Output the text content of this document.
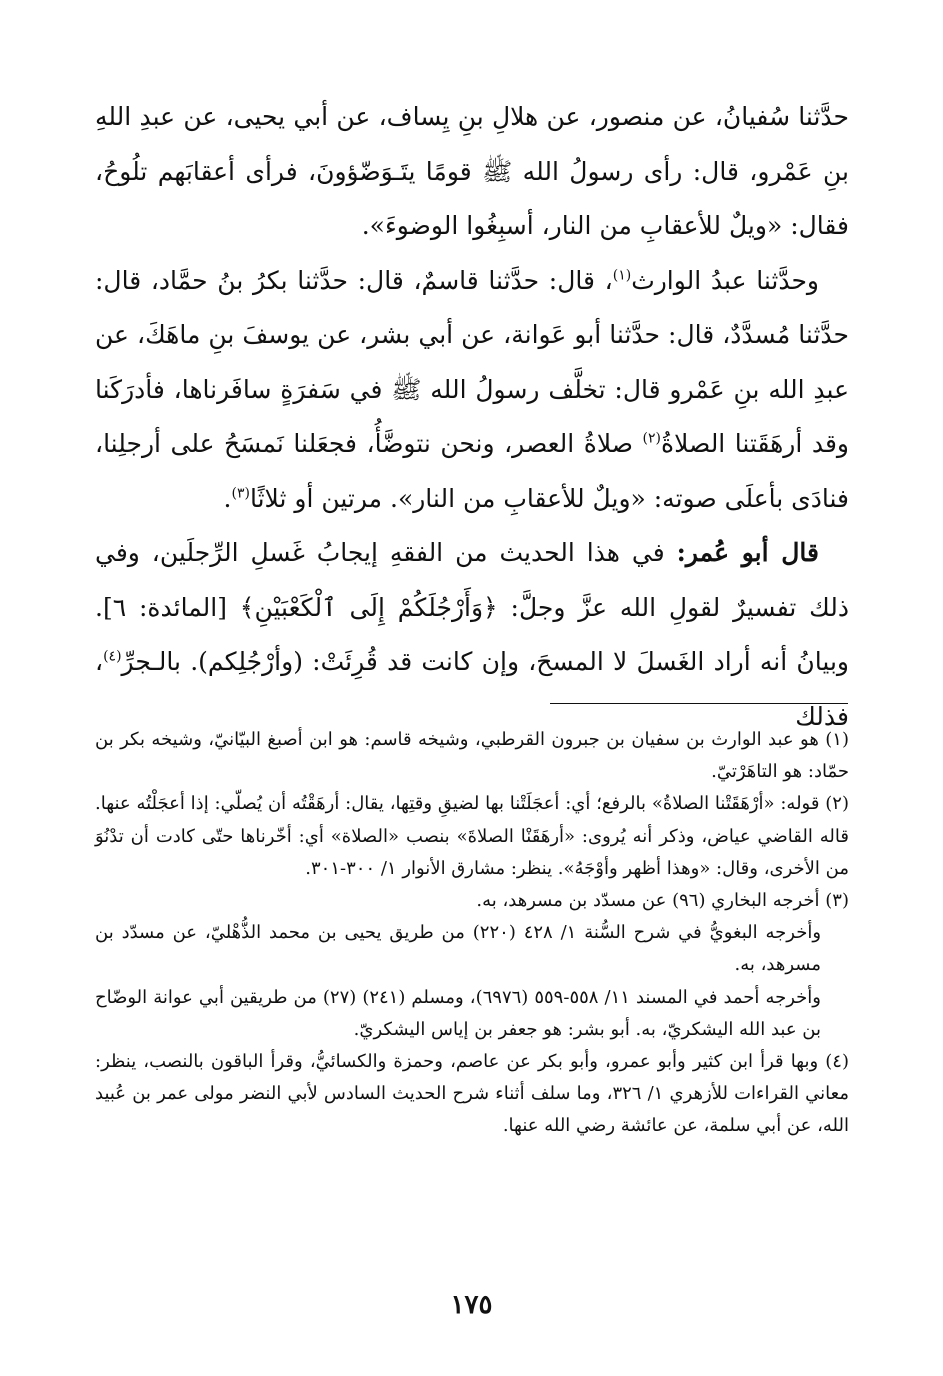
حدَّثنا سُفيانُ، عن منصور، عن هلالِ بنِ يِساف، عن أبي يحيى، عن عبدِ اللهِ بنِ عَمْرو، قال: رأى رسولُ الله ﷺ قومًا يتَـوَضّؤونَ، فرأى أعقابَهم تلُوحُ، فقال: «ويلٌ للأعقابِ من النار، أسبِغُوا الوضوءَ».

وحدَّثنا عبدُ الوارث$^{(١)}$، قال: حدَّثنا قاسمٌ، قال: حدَّثنا بكرُ بنُ حمَّاد، قال: حدَّثنا مُسدَّدٌ، قال: حدَّثنا أبو عَوانة، عن أبي بشر، عن يوسفَ بنِ ماهَكَ، عن عبدِ الله بنِ عَمْرو قال: تخلَّف رسولُ الله ﷺ في سَفرَةٍ سافَرناها، فأدرَكَنا وقد أرهَقَتنا الصلاةُ$^{(٢)}$ صلاةُ العصر، ونحن نتوضَّأُ، فجعَلنا نَمسَحُ على أرجلِنا، فنادَى بأعلَى صوته: «ويلٌ للأعقابِ من النار». مرتين أو ثلاثًا$^{(٣)}$.

قال أبو عُمر: في هذا الحديث من الفقهِ إيجابُ غَسلِ الرِّجلَين، وفي ذلك تفسيرٌ لقولِ الله عزَّ وجلَّ: ﴿وَأَرْجُلَكُمْ إِلَى ٱلْكَعْبَيْنِ﴾ [المائدة: ٦]. وبيانُ أنه أراد الغَسلَ لا المسحَ، وإن كانت قد قُرِئَتْ: (وأرْجُلِكم). بالـجرِّ$^{(٤)}$، فذلك

(١) هو عبد الوارث بن سفيان بن جبرون القرطبي، وشيخه قاسم: هو ابن أصبغ البيّانيّ، وشيخه بكر بن حمّاد: هو التاهَرْتيّ.

(٢) قوله: «أرْهَقَتْنا الصلاةُ» بالرفع؛ أي: أعجَلَتْنا بها لضيقِ وقتِها، يقال: أرهَقْتُه أن يُصلّي: إذا أعجَلْتُه عنها. قاله القاضي عياض، وذكر أنه يُروى: «أرهَقَنْا الصلاةَ» بنصب «الصلاة» أي: أخّرناها حتّى كادت أن تدْنُوَ من الأخرى، وقال: «وهذا أظهر وأوْجَهُ». ينظر: مشارق الأنوار ١/ ٣٠٠-٣٠١.

(٣) أخرجه البخاري (٩٦) عن مسدّد بن مسرهد، به.

وأخرجه البغويُّ في شرح السُّنة ١/ ٤٢٨ (٢٢٠) من طريق يحيى بن محمد الذُّهْليّ، عن مسدّد بن مسرهد، به.

وأخرجه أحمد في المسند ١١/ ٥٥٨-٥٥٩ (٦٩٧٦)، ومسلم (٢٤١) (٢٧) من طريقين أبي عوانة الوضّاح بن عبد الله اليشكريّ، به. أبو بشر: هو جعفر بن إياس اليشكريّ.

(٤) وبها قرأ ابن كثير وأبو عمرو، وأبو بكر عن عاصم، وحمزة والكسائيُّ، وقرأ الباقون بالنصب، ينظر: معاني القراءات للأزهري ١/ ٣٢٦، وما سلف أثناء شرح الحديث السادس لأبي النضر مولى عمر بن عُبيد الله، عن أبي سلمة، عن عائشة رضي الله عنها.

١٧٥
